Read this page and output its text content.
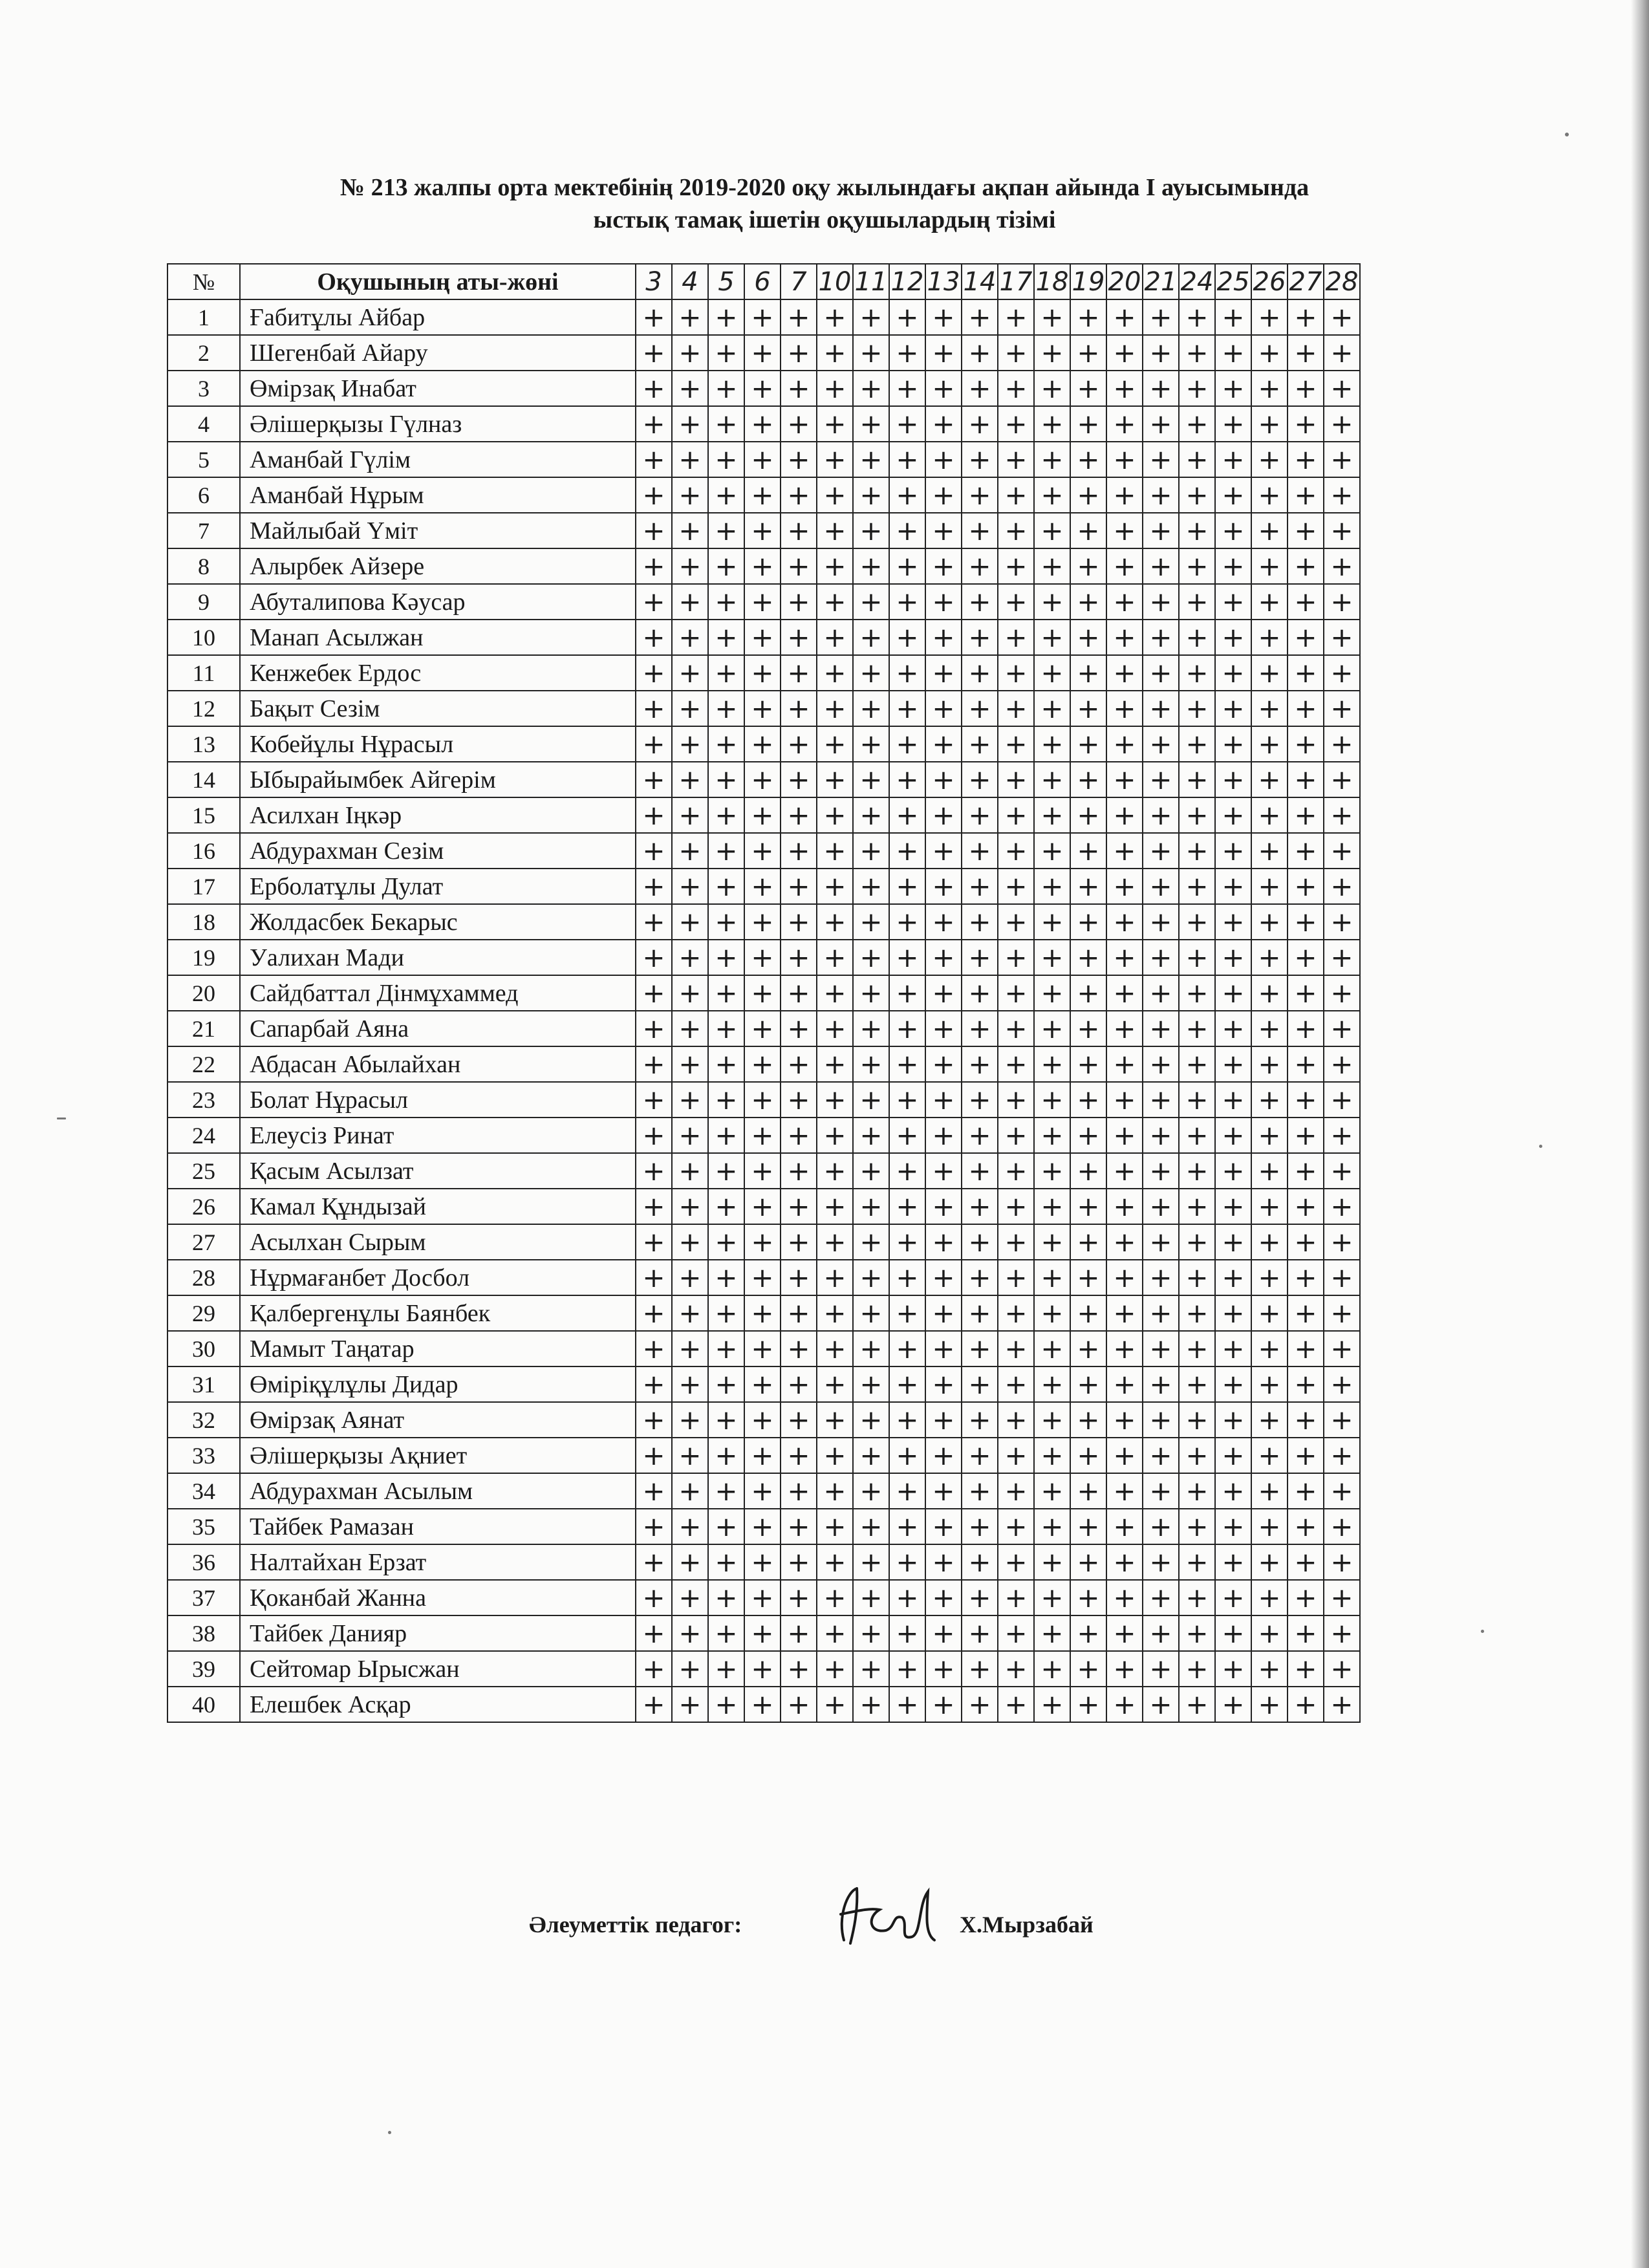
№ 213 жалпы орта мектебінің 2019-2020 оқу жылындағы ақпан айында I ауысымында
ыстық тамақ ішетін оқушылардың тізімі
№	Оқушының аты-жөні	3	4	5	6	7	10	11	12	13	14	17	18	19	20	21	24	25	26	27	28
1	Ғабитұлы Айбар	+	+	+	+	+	+	+	+	+	+	+	+	+	+	+	+	+	+	+	+
2	Шегенбай Айару	+	+	+	+	+	+	+	+	+	+	+	+	+	+	+	+	+	+	+	+
3	Өмірзақ Инабат	+	+	+	+	+	+	+	+	+	+	+	+	+	+	+	+	+	+	+	+
4	Әлішерқызы Гүлназ	+	+	+	+	+	+	+	+	+	+	+	+	+	+	+	+	+	+	+	+
5	Аманбай Гүлім	+	+	+	+	+	+	+	+	+	+	+	+	+	+	+	+	+	+	+	+
6	Аманбай Нұрым	+	+	+	+	+	+	+	+	+	+	+	+	+	+	+	+	+	+	+	+
7	Майлыбай Үміт	+	+	+	+	+	+	+	+	+	+	+	+	+	+	+	+	+	+	+	+
8	Алырбек Айзере	+	+	+	+	+	+	+	+	+	+	+	+	+	+	+	+	+	+	+	+
9	Абуталипова Кәусар	+	+	+	+	+	+	+	+	+	+	+	+	+	+	+	+	+	+	+	+
10	Манап Асылжан	+	+	+	+	+	+	+	+	+	+	+	+	+	+	+	+	+	+	+	+
11	Кенжебек Ердос	+	+	+	+	+	+	+	+	+	+	+	+	+	+	+	+	+	+	+	+
12	Бақыт Сезім	+	+	+	+	+	+	+	+	+	+	+	+	+	+	+	+	+	+	+	+
13	Кобейұлы Нұрасыл	+	+	+	+	+	+	+	+	+	+	+	+	+	+	+	+	+	+	+	+
14	Ыбырайымбек Айгерім	+	+	+	+	+	+	+	+	+	+	+	+	+	+	+	+	+	+	+	+
15	Асилхан Іңкәр	+	+	+	+	+	+	+	+	+	+	+	+	+	+	+	+	+	+	+	+
16	Абдурахман Сезім	+	+	+	+	+	+	+	+	+	+	+	+	+	+	+	+	+	+	+	+
17	Ерболатұлы Дулат	+	+	+	+	+	+	+	+	+	+	+	+	+	+	+	+	+	+	+	+
18	Жолдасбек Бекарыс	+	+	+	+	+	+	+	+	+	+	+	+	+	+	+	+	+	+	+	+
19	Уалихан Мади	+	+	+	+	+	+	+	+	+	+	+	+	+	+	+	+	+	+	+	+
20	Сайдбаттал Дінмұхаммед	+	+	+	+	+	+	+	+	+	+	+	+	+	+	+	+	+	+	+	+
21	Сапарбай Аяна	+	+	+	+	+	+	+	+	+	+	+	+	+	+	+	+	+	+	+	+
22	Абдасан Абылайхан	+	+	+	+	+	+	+	+	+	+	+	+	+	+	+	+	+	+	+	+
23	Болат Нұрасыл	+	+	+	+	+	+	+	+	+	+	+	+	+	+	+	+	+	+	+	+
24	Елеусіз Ринат	+	+	+	+	+	+	+	+	+	+	+	+	+	+	+	+	+	+	+	+
25	Қасым Асылзат	+	+	+	+	+	+	+	+	+	+	+	+	+	+	+	+	+	+	+	+
26	Камал Құндызай	+	+	+	+	+	+	+	+	+	+	+	+	+	+	+	+	+	+	+	+
27	Асылхан Сырым	+	+	+	+	+	+	+	+	+	+	+	+	+	+	+	+	+	+	+	+
28	Нұрмағанбет Досбол	+	+	+	+	+	+	+	+	+	+	+	+	+	+	+	+	+	+	+	+
29	Қалбергенұлы Баянбек	+	+	+	+	+	+	+	+	+	+	+	+	+	+	+	+	+	+	+	+
30	Мамыт Таңатар	+	+	+	+	+	+	+	+	+	+	+	+	+	+	+	+	+	+	+	+
31	Өміріқұлұлы Дидар	+	+	+	+	+	+	+	+	+	+	+	+	+	+	+	+	+	+	+	+
32	Өмірзақ Аянат	+	+	+	+	+	+	+	+	+	+	+	+	+	+	+	+	+	+	+	+
33	Әлішерқызы Ақниет	+	+	+	+	+	+	+	+	+	+	+	+	+	+	+	+	+	+	+	+
34	Абдурахман Асылым	+	+	+	+	+	+	+	+	+	+	+	+	+	+	+	+	+	+	+	+
35	Тайбек Рамазан	+	+	+	+	+	+	+	+	+	+	+	+	+	+	+	+	+	+	+	+
36	Налтайхан Ерзат	+	+	+	+	+	+	+	+	+	+	+	+	+	+	+	+	+	+	+	+
37	Қоканбай Жанна	+	+	+	+	+	+	+	+	+	+	+	+	+	+	+	+	+	+	+	+
38	Тайбек Данияр	+	+	+	+	+	+	+	+	+	+	+	+	+	+	+	+	+	+	+	+
39	Сейтомар Ырысжан	+	+	+	+	+	+	+	+	+	+	+	+	+	+	+	+	+	+	+	+
40	Елешбек Асқар	+	+	+	+	+	+	+	+	+	+	+	+	+	+	+	+	+	+	+	+
Әлеуметтік педагог:	Х.Мырзабай
